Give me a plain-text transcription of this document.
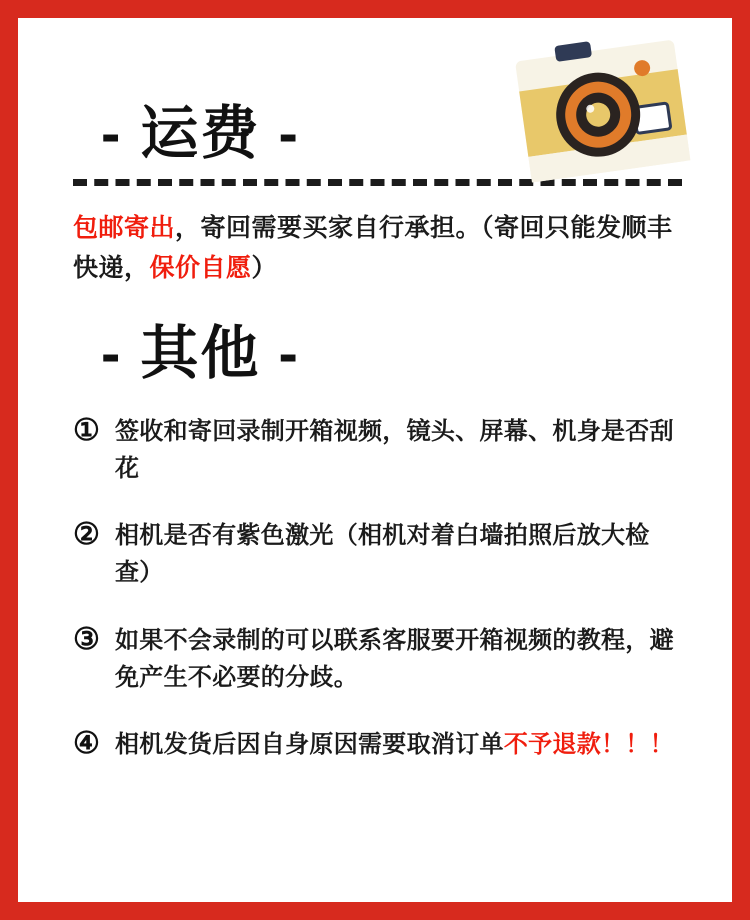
- 运费 -

包邮寄出，寄回需要买家自行承担。（寄回只能发顺丰快递，保价自愿）

- 其他 -
① 签收和寄回录制开箱视频，镜头、屏幕、机身是否刮花
② 相机是否有紫色激光（相机对着白墙拍照后放大检查）
③ 如果不会录制的可以联系客服要开箱视频的教程，避免产生不必要的分歧。
④ 相机发货后因自身原因需要取消订单不予退款！！！
